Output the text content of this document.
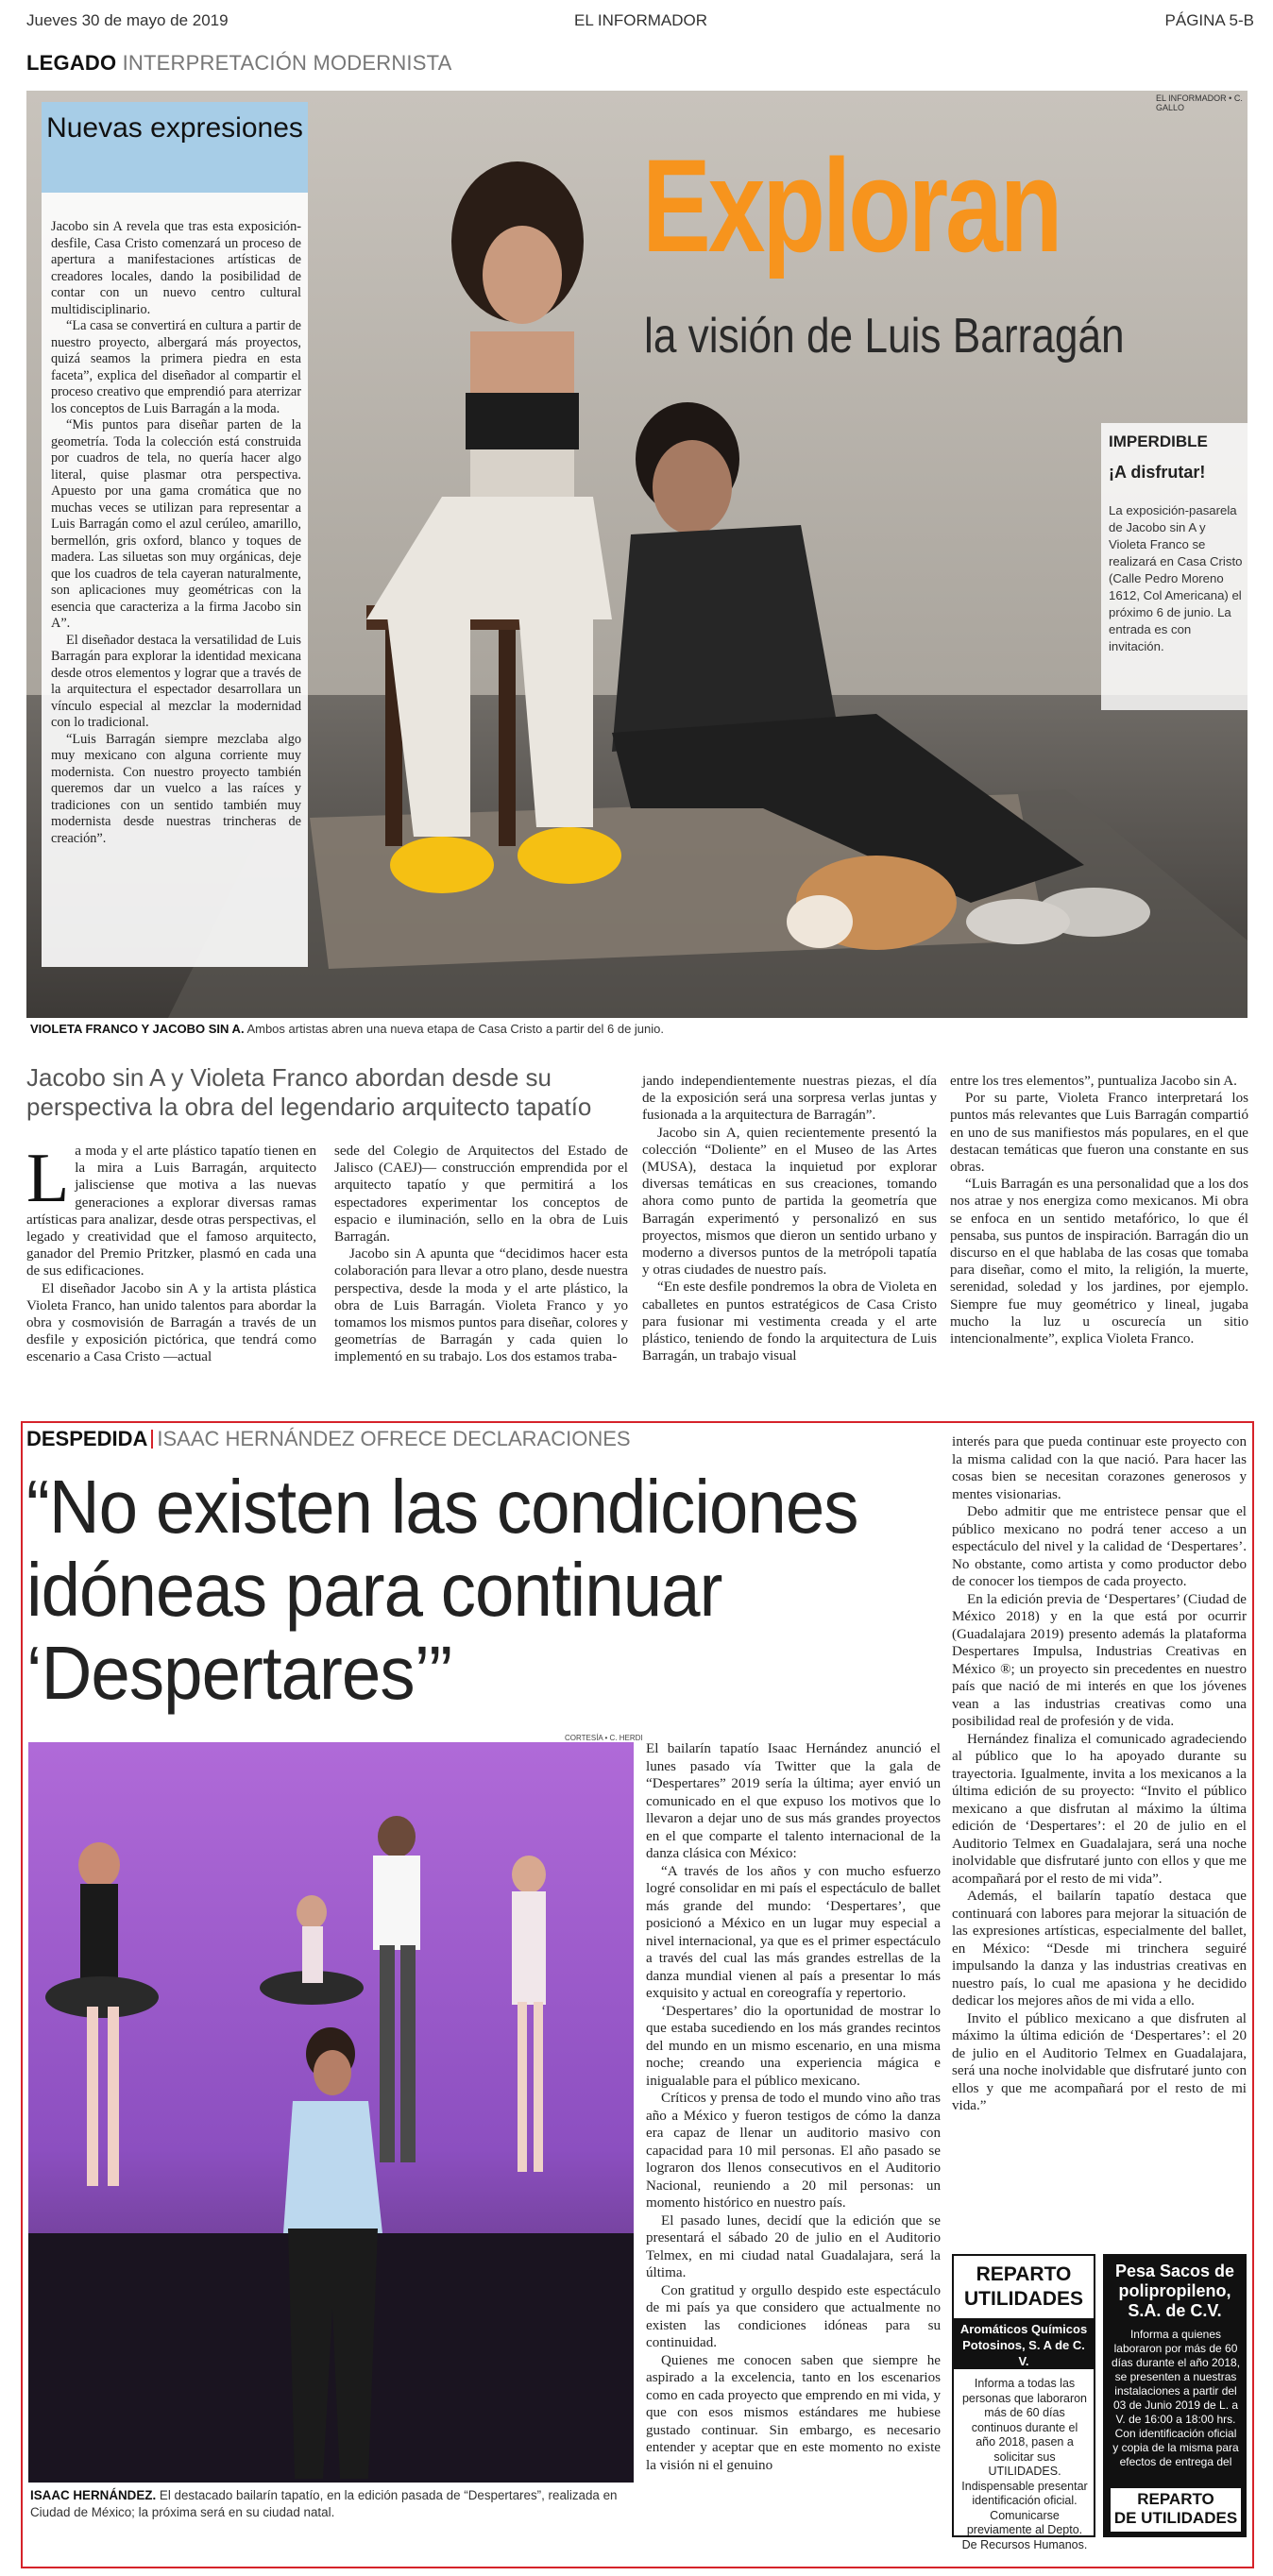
Jueves 30 de mayo de 2019	EL INFORMADOR	PÁGINA 5-B
LEGADO INTERPRETACIÓN MODERNISTA
EL INFORMADOR • C. GALLO
Exploran
la visión de Luis Barragán
Nuevas expresiones

Jacobo sin A revela que tras esta exposición-desfile, Casa Cristo comenzará un proceso de apertura a manifestaciones artísticas de creadores locales, dando la posibilidad de contar con un nuevo centro cultural multidisciplinario.

“La casa se convertirá en cultura a partir de nuestro proyecto, albergará más proyectos, quizá seamos la primera piedra en esta faceta”, explica del diseñador al compartir el proceso creativo que emprendió para aterrizar los conceptos de Luis Barragán a la moda.

“Mis puntos para diseñar parten de la geometría. Toda la colección está construida por cuadros de tela, no quería hacer algo literal, quise plasmar otra perspectiva. Apuesto por una gama cromática que no muchas veces se utilizan para representar a Luis Barragán como el azul cerúleo, amarillo, bermellón, gris oxford, blanco y toques de madera. Las siluetas son muy orgánicas, deje que los cuadros de tela cayeran naturalmente, son aplicaciones muy geométricas con la esencia que caracteriza a la firma Jacobo sin A”.

El diseñador destaca la versatilidad de Luis Barragán para explorar la identidad mexicana desde otros elementos y lograr que a través de la arquitectura el espectador desarrollara un vínculo especial al mezclar la modernidad con lo tradicional.

“Luis Barragán siempre mezclaba algo muy mexicano con alguna corriente muy modernista. Con nuestro proyecto también queremos dar un vuelco a las raíces y tradiciones con un sentido también muy modernista desde nuestras trincheras de creación”.

IMPERDIBLE
¡A disfrutar!
La exposición-pasarela de Jacobo sin A y Violeta Franco se realizará en Casa Cristo (Calle Pedro Moreno 1612, Col Americana) el próximo 6 de junio. La entrada es con invitación.
VIOLETA FRANCO Y JACOBO SIN A. Ambos artistas abren una nueva etapa de Casa Cristo a partir del 6 de junio.
Jacobo sin A y Violeta Franco abordan desde su perspectiva la obra del legendario arquitecto tapatío

La moda y el arte plástico tapatío tienen en la mira a Luis Barragán, arquitecto jalisciense que motiva a las nuevas generaciones a explorar diversas ramas artísticas para analizar, desde otras perspectivas, el legado y creatividad que el famoso arquitecto, ganador del Premio Pritzker, plasmó en cada una de sus edificaciones.

El diseñador Jacobo sin A y la artista plástica Violeta Franco, han unido talentos para abordar la obra y cosmovisión de Barragán a través de un desfile y exposición pictórica, que tendrá como escenario a Casa Cristo —actual

sede del Colegio de Arquitectos del Estado de Jalisco (CAEJ)— construcción emprendida por el arquitecto tapatío y que permitirá a los espectadores experimentar los conceptos de espacio e iluminación, sello en la obra de Luis Barragán.

Jacobo sin A apunta que “decidimos hacer esta colaboración para llevar a otro plano, desde nuestra perspectiva, desde la moda y el arte plástico, la obra de Luis Barragán. Violeta Franco y yo tomamos los mismos puntos para diseñar, colores y geometrías de Barragán y cada quien lo implementó en su trabajo. Los dos estamos traba-

jando independientemente nuestras piezas, el día de la exposición será una sorpresa verlas juntas y fusionada a la arquitectura de Barragán”.

Jacobo sin A, quien recientemente presentó la colección “Doliente” en el Museo de las Artes (MUSA), destaca la inquietud por explorar diversas temáticas en sus creaciones, tomando ahora como punto de partida la geometría que Barragán experimentó y personalizó en sus proyectos, mismos que dieron un sentido urbano y moderno a diversos puntos de la metrópoli tapatía y otras ciudades de nuestro país.

“En este desfile pondremos la obra de Violeta en caballetes en puntos estratégicos de Casa Cristo para fusionar mi vestimenta creada y el arte plástico, teniendo de fondo la arquitectura de Luis Barragán, un trabajo visual

entre los tres elementos”, puntualiza Jacobo sin A.

Por su parte, Violeta Franco interpretará los puntos más relevantes que Luis Barragán compartió en uno de sus manifiestos más populares, en el que destacan temáticas que fueron una constante en sus obras.

“Luis Barragán es una personalidad que a los dos nos atrae y nos energiza como mexicanos. Mi obra se enfoca en un sentido metafórico, lo que él pensaba, sus puntos de inspiración. Barragán dio un discurso en el que hablaba de las cosas que tomaba para diseñar, como el mito, la religión, la muerte, serenidad, soledad y los jardines, por ejemplo. Siempre fue muy geométrico y lineal, jugaba mucho la luz u oscurecía un sitio intencionalmente”, explica Violeta Franco.

DESPEDIDA ISAAC HERNÁNDEZ OFRECE DECLARACIONES
“No existen las condiciones idóneas para continuar ‘Despertares’”
CORTESÍA • C. HERDI
ISAAC HERNÁNDEZ. El destacado bailarín tapatío, en la edición pasada de “Despertares”, realizada en Ciudad de México; la próxima será en su ciudad natal.

El bailarín tapatío Isaac Hernández anunció el lunes pasado vía Twitter que la gala de “Despertares” 2019 sería la última; ayer envió un comunicado en el que expuso los motivos que lo llevaron a dejar uno de sus más grandes proyectos en el que comparte el talento internacional de la danza clásica con México:

“A través de los años y con mucho esfuerzo logré consolidar en mi país el espectáculo de ballet más grande del mundo: ‘Despertares’, que posicionó a México en un lugar muy especial a nivel internacional, ya que es el primer espectáculo a través del cual las más grandes estrellas de la danza mundial vienen al país a presentar lo más exquisito y actual en coreografía y repertorio.

‘Despertares’ dio la oportunidad de mostrar lo que estaba sucediendo en los más grandes recintos del mundo en un mismo escenario, en una misma noche; creando una experiencia mágica e inigualable para el público mexicano.

Críticos y prensa de todo el mundo vino año tras año a México y fueron testigos de cómo la danza era capaz de llenar un auditorio masivo con capacidad para 10 mil personas. El año pasado se lograron dos llenos consecutivos en el Auditorio Nacional, reuniendo a 20 mil personas: un momento histórico en nuestro país.

El pasado lunes, decidí que la edición que se presentará el sábado 20 de julio en el Auditorio Telmex, en mi ciudad natal Guadalajara, será la última.

Con gratitud y orgullo despido este espectáculo de mi país ya que considero que actualmente no existen las condiciones idóneas para su continuidad.

Quienes me conocen saben que siempre he aspirado a la excelencia, tanto en los escenarios como en cada proyecto que emprendo en mi vida, y que con esos mismos estándares me hubiese gustado continuar. Sin embargo, es necesario entender y aceptar que en este momento no existe la visión ni el genuino

interés para que pueda continuar este proyecto con la misma calidad con la que nació. Para hacer las cosas bien se necesitan corazones generosos y mentes visionarias.

Debo admitir que me entristece pensar que el público mexicano no podrá tener acceso a un espectáculo del nivel y la calidad de ‘Despertares’. No obstante, como artista y como productor debo de conocer los tiempos de cada proyecto.

En la edición previa de ‘Despertares’ (Ciudad de México 2018) y en la que está por ocurrir (Guadalajara 2019) presento además la plataforma Despertares Impulsa, Industrias Creativas en México ®; un proyecto sin precedentes en nuestro país que nació de mi interés en que los jóvenes vean a las industrias creativas como una posibilidad real de profesión y de vida.

Hernández finaliza el comunicado agradeciendo al público que lo ha apoyado durante su trayectoria. Igualmente, invita a los mexicanos a la última edición de su proyecto: “Invito el público mexicano a que disfrutan al máximo la última edición de ‘Despertares’: el 20 de julio en el Auditorio Telmex en Guadalajara, será una noche inolvidable que disfrutaré junto con ellos y que me acompañará por el resto de mi vida”.

Además, el bailarín tapatío destaca que continuará con labores para mejorar la situación de las expresiones artísticas, especialmente del ballet, en México: “Desde mi trinchera seguiré impulsando la danza y las industrias creativas en nuestro país, lo cual me apasiona y he decidido dedicar los mejores años de mi vida a ello.

Invito el público mexicano a que disfruten al máximo la última edición de ‘Despertares’: el 20 de julio en el Auditorio Telmex en Guadalajara, será una noche inolvidable que disfrutaré junto con ellos y que me acompañará por el resto de mi vida.”

REPARTO
UTILIDADES
Aromáticos Químicos Potosinos, S. A de C. V.
Informa a todas las personas que laboraron más de 60 días continuos durante el año 2018, pasen a solicitar sus UTILIDADES. Indispensable presentar identificación oficial. Comunicarse previamente al Depto. De Recursos Humanos.
Pesa Sacos de polipropileno, S.A. de C.V.
Informa a quienes laboraron por más de 60 días durante el año 2018, se presenten a nuestras instalaciones a partir del 03 de Junio 2019 de L. a V. de 16:00 a 18:00 hrs. Con identificación oficial y copia de la misma para efectos de entrega del
REPARTO
DE UTILIDADES
